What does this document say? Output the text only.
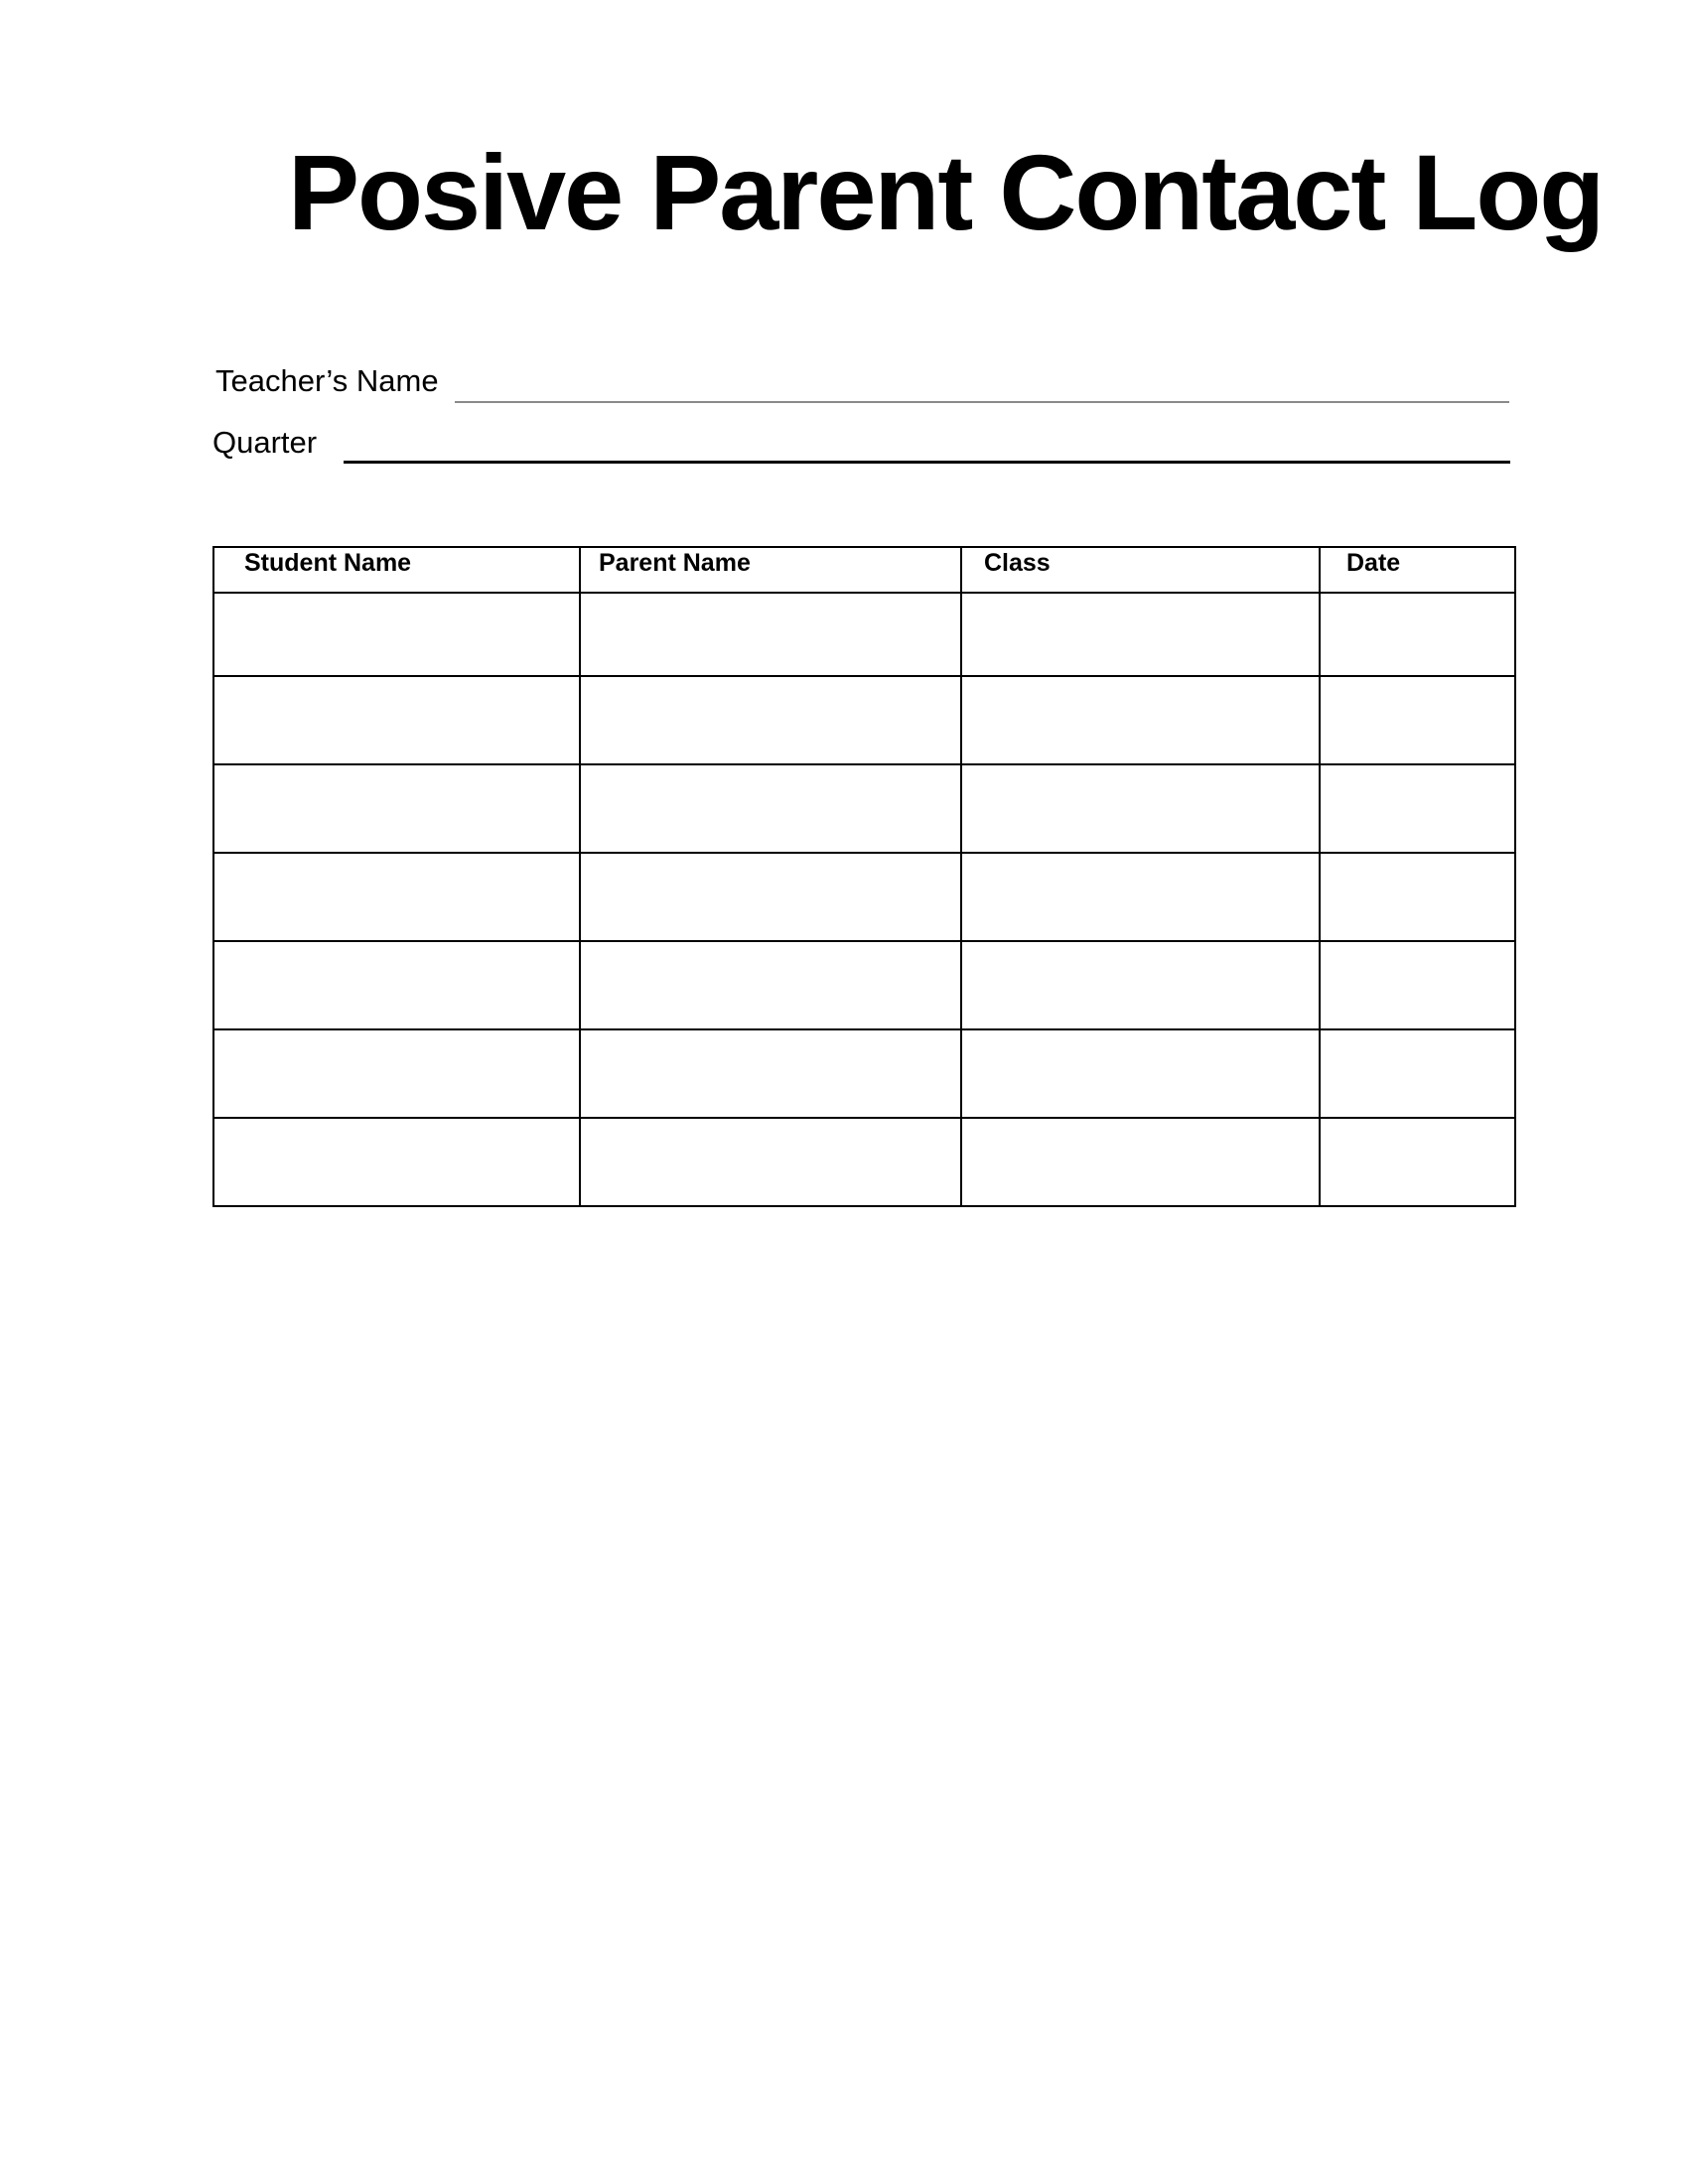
Posive Parent Contact Log
Teacher’s Name
Quarter
Student Name	Parent Name	Class	Date
